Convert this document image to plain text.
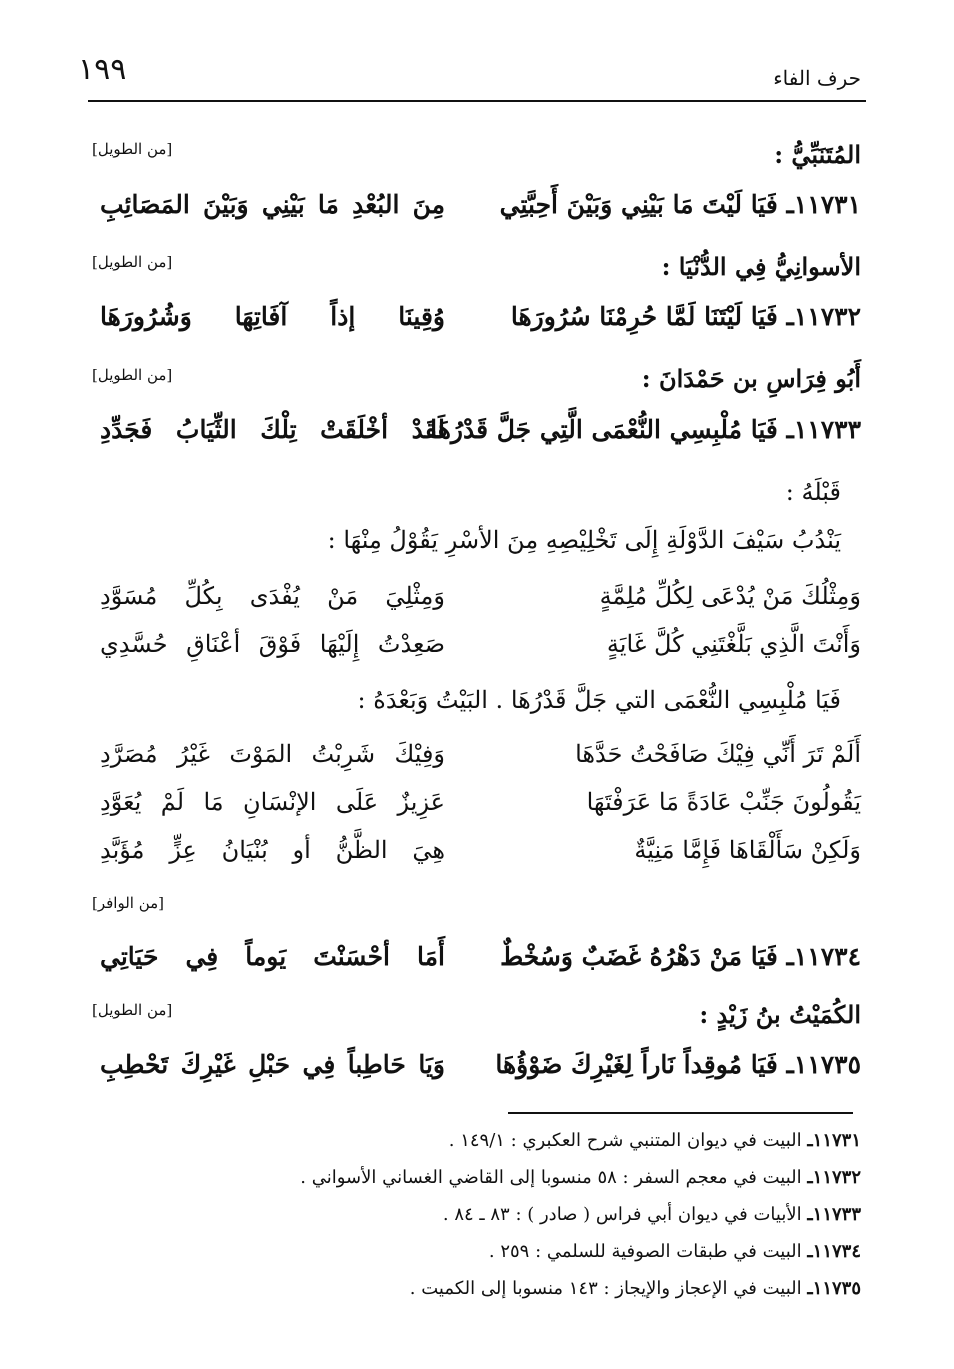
١٩٩	حرف الفاء
المُتَنَبِّيُّ :
[من الطويل]
١١٧٣١ـ فَيَا لَيْتَ مَا بَيْنِي وَبَيْنَ أَحِبَّتِي
مِنَ البُعْدِ مَا بَيْنِي وَبَيْنَ المَصَائِبِ
الأسوانِيُّ فِي الدُّنْيَا :
[من الطويل]
١١٧٣٢ـ فَيَا لَيْتَنَا لَمَّا حُرِمْنَا سُرُورَهَا
وُقِينَا إذاً آفَاتِهَا وَشُرُورَهَا
أَبُو فِرَاسِ بن حَمْدَانَ :
[من الطويل]
١١٧٣٣ـ فَيَا مُلْبِسِي النُّعْمَى الَّتِي جَلَّ قَدْرُهَا
لَقَدْ أخْلَقَتْ تِلْكَ الثِّيَابُ فَجَدِّدِ
قَبْلَهُ :
يَنْدُبُ سَيْفَ الدَّوْلَةِ إِلَى تَخْلِيْصِهِ مِنَ الأسْرِ يَقُوْلُ مِنْهَا :
وَمِثْلُكَ مَنْ يُدْعَى لِكُلِّ مُلِمَّةٍ
وَمِثْلِيَ مَنْ يُفْدَى بِكُلِّ مُسَوَّدِ
وَأَنْتَ الَّذِي بَلَّغْتَنِي كُلَّ غَايَةٍ
صَعِدْتُ إِلَيْهَا فَوْقَ أعْنَاقِ حُسَّدِي
فَيَا مُلْبِسِي النُّعْمَى التي جَلَّ قَدْرُهَا . البَيْتُ وَبَعْدَهُ :
أَلَمْ تَرَ أَنِّي فِيْكَ صَافَحْتُ حَدَّهَا
وَفِيْكَ شَرِبْتُ المَوْتَ غَيْرُ مُصَرَّدِ
يَقُولُونَ جَنِّبْ عَادَةً مَا عَرَفْتَهَا
عَزِيزٌ عَلَى الإنْسَانِ مَا لَمْ يُعَوَّدِ
وَلَكِنْ سَأَلْقَاهَا فَإِمَّا مَنِيَّةٌ
هِيَ الظَّنُّ أو بُنْيَانُ عِزٍّ مُؤَبَّدِ
[من الوافر]
١١٧٣٤ـ فَيَا مَنْ دَهْرُهُ غَضَبٌ وَسُخْطٌ
أَمَا أحْسَنْتَ يَوماً فِي حَيَاتِي
الكُمَيْتُ بنُ زَيْدٍ :
[من الطويل]
١١٧٣٥ـ فَيَا مُوقِداً نَاراً لِغَيْرِكَ ضَوْؤُهَا
وَيَا حَاطِباً فِي حَبْلِ غَيْرِكَ تَحْطِبِ
١١٧٣١ـ البيت في ديوان المتنبي شرح العكبري : ١٤٩/١ .
١١٧٣٢ـ البيت في معجم السفر : ٥٨ منسوبا إلى القاضي الغساني الأسواني .
١١٧٣٣ـ الأبيات في ديوان أبي فراس ( صادر ) : ٨٣ ـ ٨٤ .
١١٧٣٤ـ البيت في طبقات الصوفية للسلمي : ٢٥٩ .
١١٧٣٥ـ البيت في الإعجاز والإيجاز : ١٤٣ منسوبا إلى الكميت .
